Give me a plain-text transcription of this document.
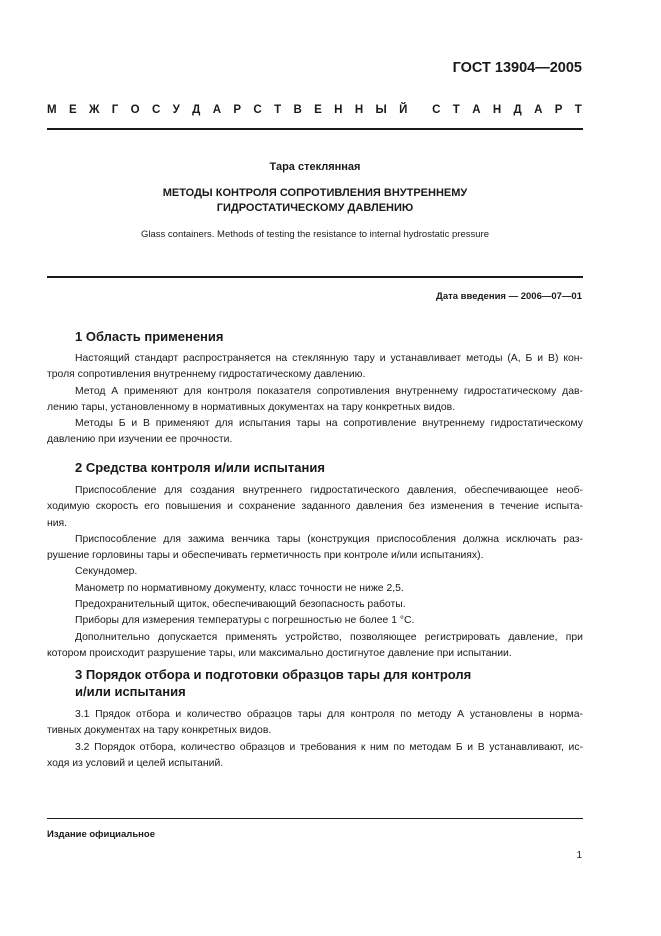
ГОСТ 13904—2005
М Е Ж Г О С У Д А Р С Т В Е Н Н Ы Й С Т А Н Д А Р Т
Тара стеклянная
МЕТОДЫ КОНТРОЛЯ СОПРОТИВЛЕНИЯ ВНУТРЕННЕМУ
ГИДРОСТАТИЧЕСКОМУ ДАВЛЕНИЮ
Glass containers. Methods of testing the resistance to internal hydrostatic pressure
Дата введения — 2006—07—01
1 Область применения
Настоящий стандарт распространяется на стеклянную тару и устанавливает методы (А, Б и В) кон-
троля сопротивления внутреннему гидростатическому давлению.
Метод А применяют для контроля показателя сопротивления внутреннему гидростатическому дав-
лению тары, установленному в нормативных документах на тару конкретных видов.
Методы Б и В применяют для испытания тары на сопротивление внутреннему гидростатическому
давлению при изучении ее прочности.
2 Средства контроля и/или испытания
Приспособление для создания внутреннего гидростатического давления, обеспечивающее необ-
ходимую скорость его повышения и сохранение заданного давления без изменения в течение испыта-
ния.
Приспособление для зажима венчика тары (конструкция приспособления должна исключать раз-
рушение горловины тары и обеспечивать герметичность при контроле и/или испытаниях).
Секундомер.
Манометр по нормативному документу, класс точности не ниже 2,5.
Предохранительный щиток, обеспечивающий безопасность работы.
Приборы для измерения температуры с погрешностью не более 1 °С.
Дополнительно допускается применять устройство, позволяющее регистрировать давление, при
котором происходит разрушение тары, или максимально достигнутое давление при испытании.
3 Порядок отбора и подготовки образцов тары для контроля
и/или испытания
3.1 Прядок отбора и количество образцов тары для контроля по методу А установлены в норма-
тивных документах на тару конкретных видов.
3.2 Порядок отбора, количество образцов и требования к ним по методам Б и В устанавливают, ис-
ходя из условий и целей испытаний.
Издание официальное
1
